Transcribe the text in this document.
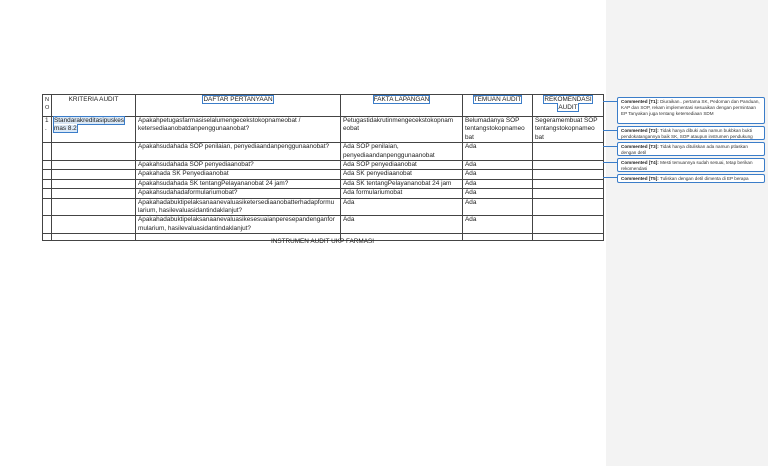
N O	KRITERIA AUDIT	DAFTAR PERTANYAAN	FAKTA LAPANGAN	TEMUAN AUDIT	REKOMENDASI AUDIT
1.	Standarakreditasipuskes mas 8.2	Apakahpetugasfarmasiselalumengecekstokopnameobat / ketersediaanobatdanpenggunaanobat?	Petugastidakrutinmengecekstokopnam eobat	Belumadanya SOP tentangstokopnameo bat	Segeramembuat SOP tentangstokopnameo bat
		Apakahsudahada SOP penilaian, penyediaandanpenggunaanobat?	Ada SOP penilaian, penyediaandanpenggunaanobat	Ada	
		Apakahsudahada SOP penyediaanobat?	Ada SOP penyediaanobat	Ada	
		Apakahada SK Penyediaanobat	Ada SK penyediaanobat	Ada	
		Apakahsudahada SK tentangPelayananobat 24 jam?	Ada SK tentangPelayananobat 24 jam	Ada	
		Apakahsudahadaformulariumobat?	Ada formulariumobat	Ada	
		Apakahadabuktipelaksanaanevaluasiketersediaanobatterhadapformu larium, hasilevaluasidantindaklanjut?	Ada	Ada	
		Apakahadabuktipelaksanaanevaluasikesesuaianperesepandenganfor mularium, hasilevaluasidantindaklanjut?	Ada	Ada	

INSTRUMEN AUDIT UKP FARMASI
Commented [T1]: Diuraikan.. pertama SK, Pedoman dan Panduan, KAP dan SOP, rekam implementasi sesuaikan dengan permintaan EP Tanyakan juga tentang ketersediaan SDM
Commented [T2]: Tidak hanya dibuki ada namun bukbkan bukti pendokatangannya baik SK, SOP ataupun instrumen pendukung
Commented [T3]: Tidak hanya dituliskan ada namun ptlaskan dengan detil
Commented [T4]: Mesti temuannya sudah sesuai, tetap berikan rekomendasi
Commented [T5]: Tuliskan dengan detil dimenta di EP berapa
